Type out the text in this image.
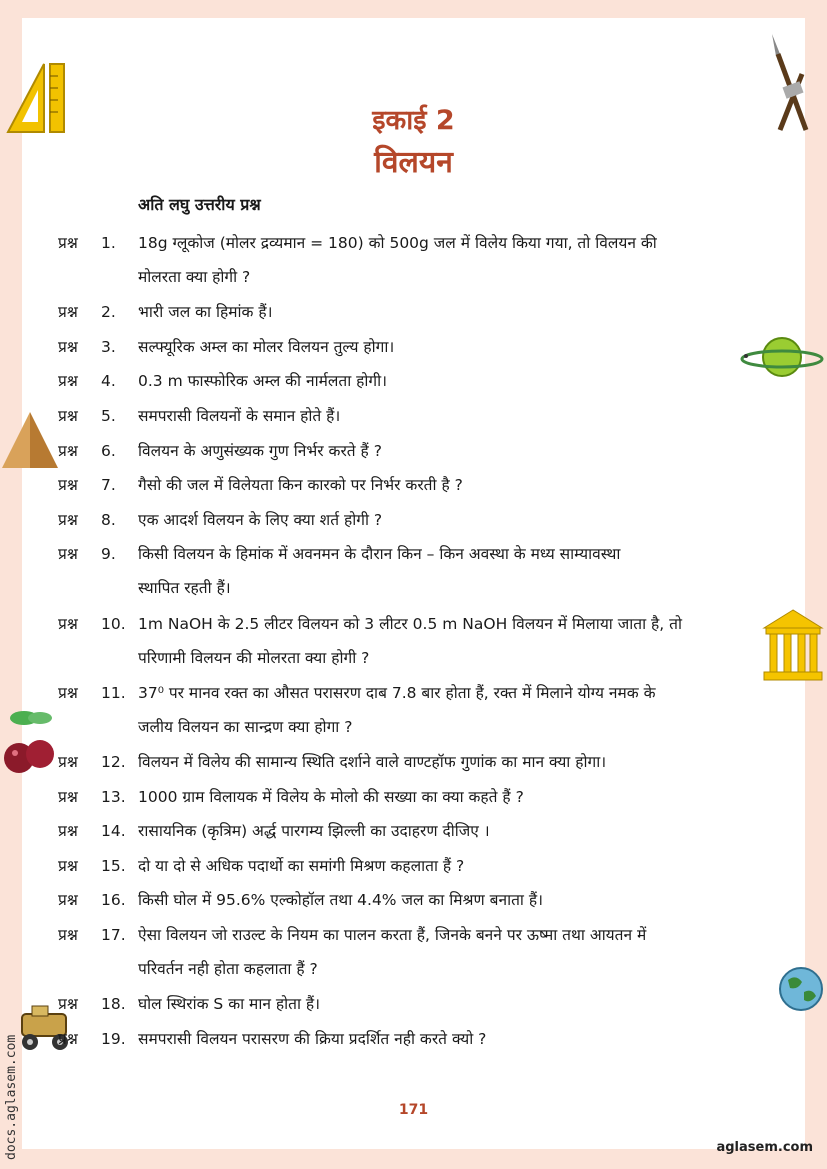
इकाई 2
विलयन
अति लघु उत्तरीय प्रश्न
प्रश्न	1.	18g ग्लूकोज (मोलर द्रव्यमान = 180) को 500g जल में विलेय किया गया, तो विलयन की
मोलरता क्या होगी ?
प्रश्न	2.	भारी जल का हिमांक हैं।
प्रश्न	3.	सल्फ्यूरिक अम्ल का मोलर विलयन तुल्य होगा।
प्रश्न	4.	0.3 m फास्फोरिक अम्ल की नार्मलता होगी।
प्रश्न	5.	समपरासी विलयनों के समान होते हैं।
प्रश्न	6.	विलयन के अणुसंख्यक गुण निर्भर करते हैं ?
प्रश्न	7.	गैसो की जल में विलेयता किन कारको पर निर्भर करती है ?
प्रश्न	8.	एक आदर्श विलयन के लिए क्या शर्त होगी ?
प्रश्न	9.	किसी विलयन के हिमांक में अवनमन के दौरान किन – किन अवस्था के मध्य साम्यावस्था
स्थापित रहती हैं।
प्रश्न	10. 1m NaOH के 2.5 लीटर विलयन को 3 लीटर 0.5 m NaOH विलयन में मिलाया जाता है, तो
परिणामी विलयन की मोलरता क्या होगी ?
प्रश्न	11. 37⁰ पर मानव रक्त का औसत परासरण दाब 7.8 बार होता हैं, रक्त में मिलाने योग्य नमक के
जलीय विलयन का सान्द्रण क्या होगा ?
प्रश्न	12. विलयन में विलेय की सामान्य स्थिति दर्शाने वाले वाण्टहॉफ गुणांक का मान क्या होगा।
प्रश्न	13. 1000 ग्राम विलायक में विलेय के मोलो की सख्या का क्या कहते हैं ?
प्रश्न	14. रासायनिक (कृत्रिम) अर्द्ध पारगम्य झिल्ली का उदाहरण दीजिए ।
प्रश्न	15. दो या दो से अधिक पदार्थो का समांगी मिश्रण कहलाता हैं ?
प्रश्न	16. किसी घोल में 95.6% एल्कोहॉल तथा 4.4% जल का मिश्रण बनाता हैं।
प्रश्न	17. ऐसा विलयन जो राउल्ट के नियम का पालन करता हैं, जिनके बनने पर ऊष्मा तथा आयतन में
परिवर्तन नही होता कहलाता हैं ?
प्रश्न	18. घोल स्थिरांक S का मान होता हैं।
प्रश्न	19. समपरासी विलयन परासरण की क्रिया प्रदर्शित नही करते क्यो ?
171
aglasem.com
docs.aglasem.com
